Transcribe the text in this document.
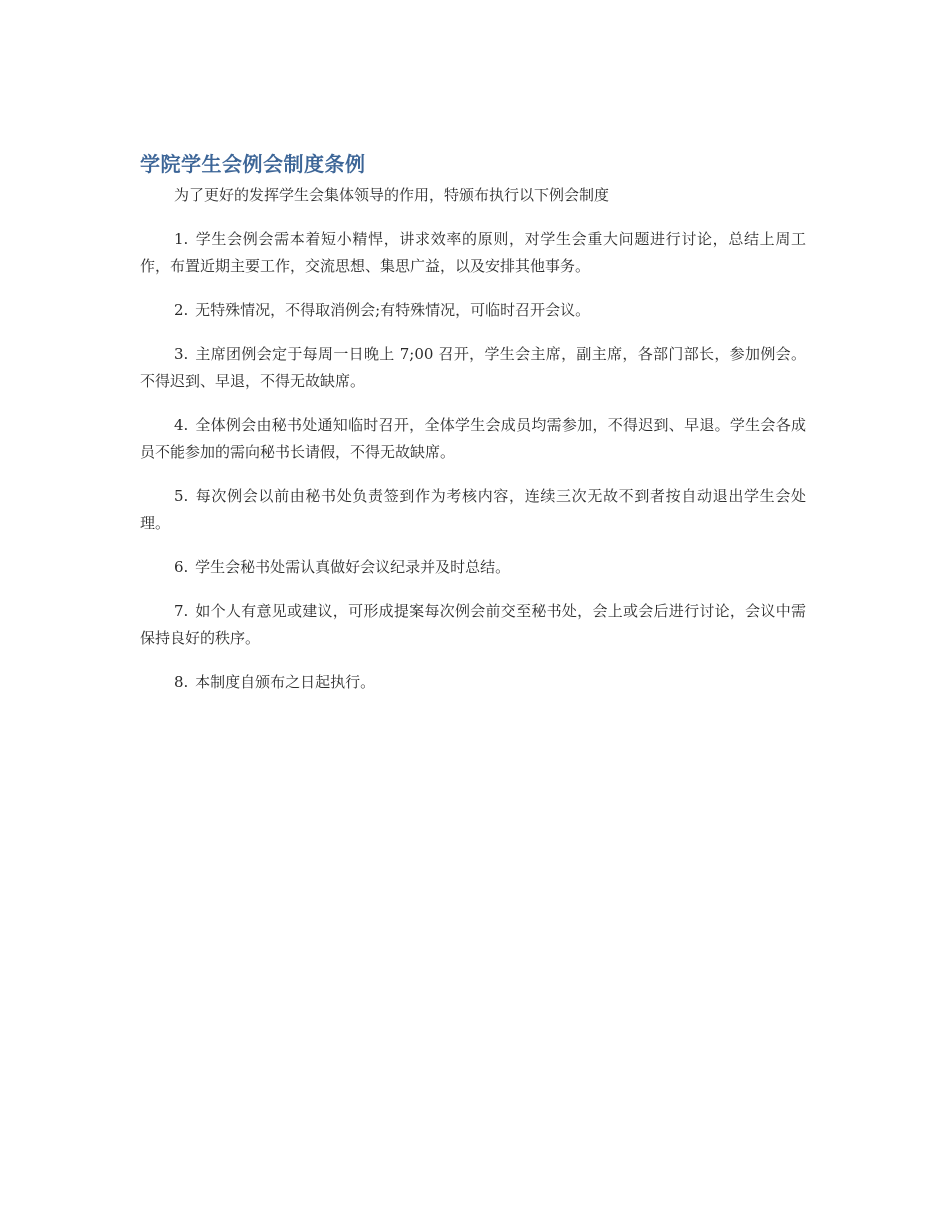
学院学生会例会制度条例

为了更好的发挥学生会集体领导的作用，特颁布执行以下例会制度

1. 学生会例会需本着短小精悍，讲求效率的原则，对学生会重大问题进行讨论，总结上周工作，布置近期主要工作，交流思想、集思广益，以及安排其他事务。

2. 无特殊情况，不得取消例会;有特殊情况，可临时召开会议。

3. 主席团例会定于每周一日晚上 7;00 召开，学生会主席，副主席，各部门部长，参加例会。不得迟到、早退，不得无故缺席。

4. 全体例会由秘书处通知临时召开，全体学生会成员均需参加，不得迟到、早退。学生会各成员不能参加的需向秘书长请假，不得无故缺席。

5. 每次例会以前由秘书处负责签到作为考核内容，连续三次无故不到者按自动退出学生会处理。

6. 学生会秘书处需认真做好会议纪录并及时总结。

7. 如个人有意见或建议，可形成提案每次例会前交至秘书处，会上或会后进行讨论，会议中需保持良好的秩序。

8. 本制度自颁布之日起执行。
